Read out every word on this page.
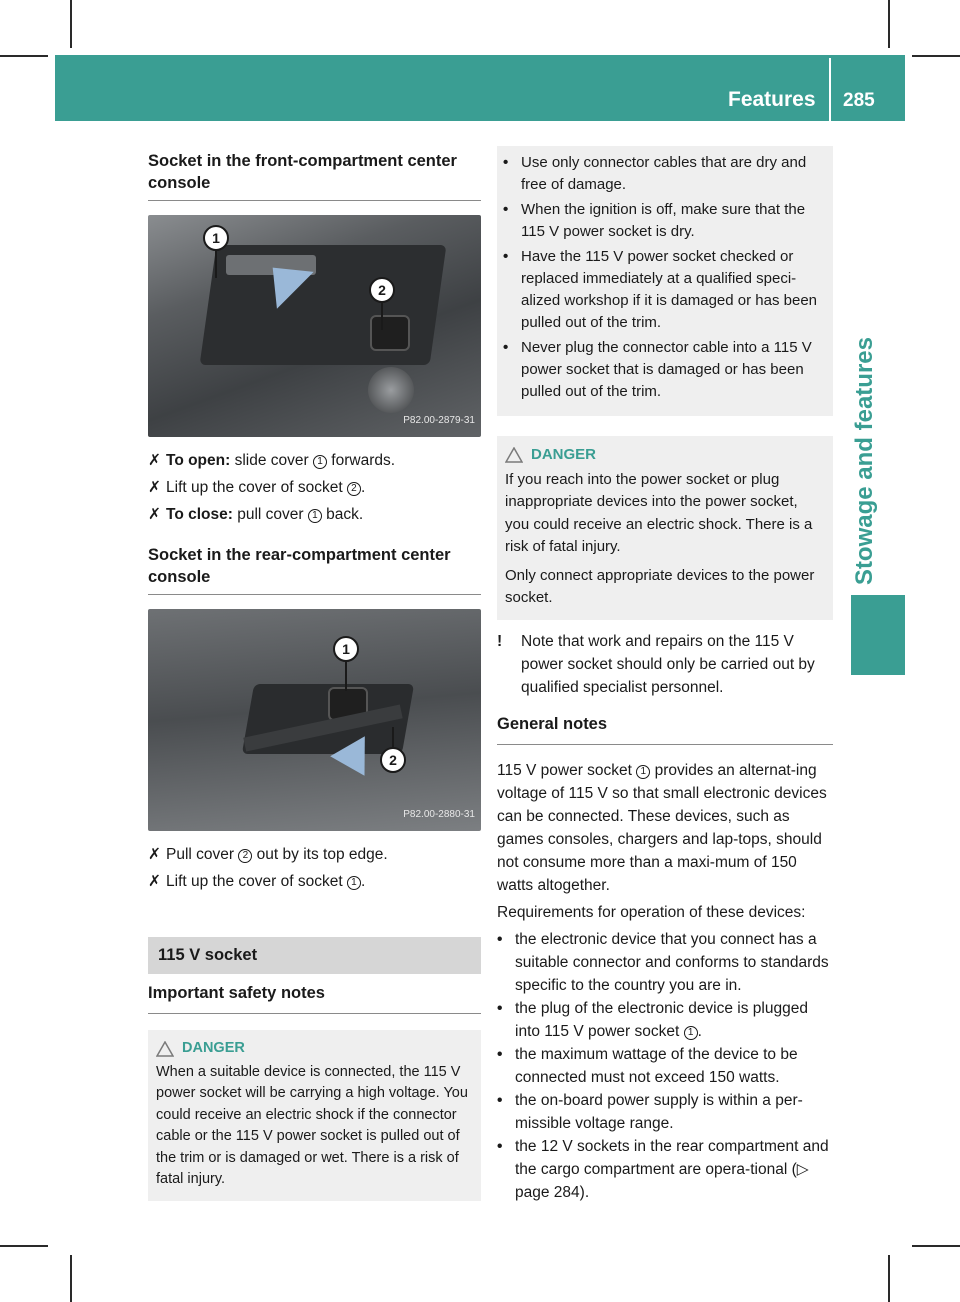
Features 285
Stowage and features
Socket in the front-compartment center console
1
2
P82.00-2879-31
✗ To open: slide cover 1 forwards.
✗ Lift up the cover of socket 2 .
✗ To close: pull cover 1 back.
Socket in the rear-compartment center console
1
2
P82.00-2880-31
✗ Pull cover 2 out by its top edge.
✗ Lift up the cover of socket 1 .
115 V socket
Important safety notes
DANGER

When a suitable device is connected, the 115 V power socket will be carrying a high voltage. You could receive an electric shock if the connector cable or the 115 V power socket is pulled out of the trim or is damaged or wet. There is a risk of fatal injury.

• Use only connector cables that are dry and free of damage.
• When the ignition is off, make sure that the 115 V power socket is dry.
• Have the 115 V power socket checked or replaced immediately at a qualified speci-alized workshop if it is damaged or has been pulled out of the trim.
• Never plug the connector cable into a 115 V power socket that is damaged or has been pulled out of the trim.
DANGER

If you reach into the power socket or plug inappropriate devices into the power socket, you could receive an electric shock. There is a risk of fatal injury.

Only connect appropriate devices to the power socket.

!	Note that work and repairs on the 115 V power socket should only be carried out by qualified specialist personnel.
General notes

115 V power socket 1 provides an alternat-ing voltage of 115 V so that small electronic devices can be connected. These devices, such as games consoles, chargers and lap-tops, should not consume more than a maxi-mum of 150 watts altogether.

Requirements for operation of these devices:

• the electronic device that you connect has a suitable connector and conforms to standards specific to the country you are in.
• the plug of the electronic device is plugged into 115 V power socket 1 .
• the maximum wattage of the device to be connected must not exceed 150 watts.
• the on-board power supply is within a per-missible voltage range.
• the 12 V sockets in the rear compartment and the cargo compartment are opera-tional (▷ page 284).
